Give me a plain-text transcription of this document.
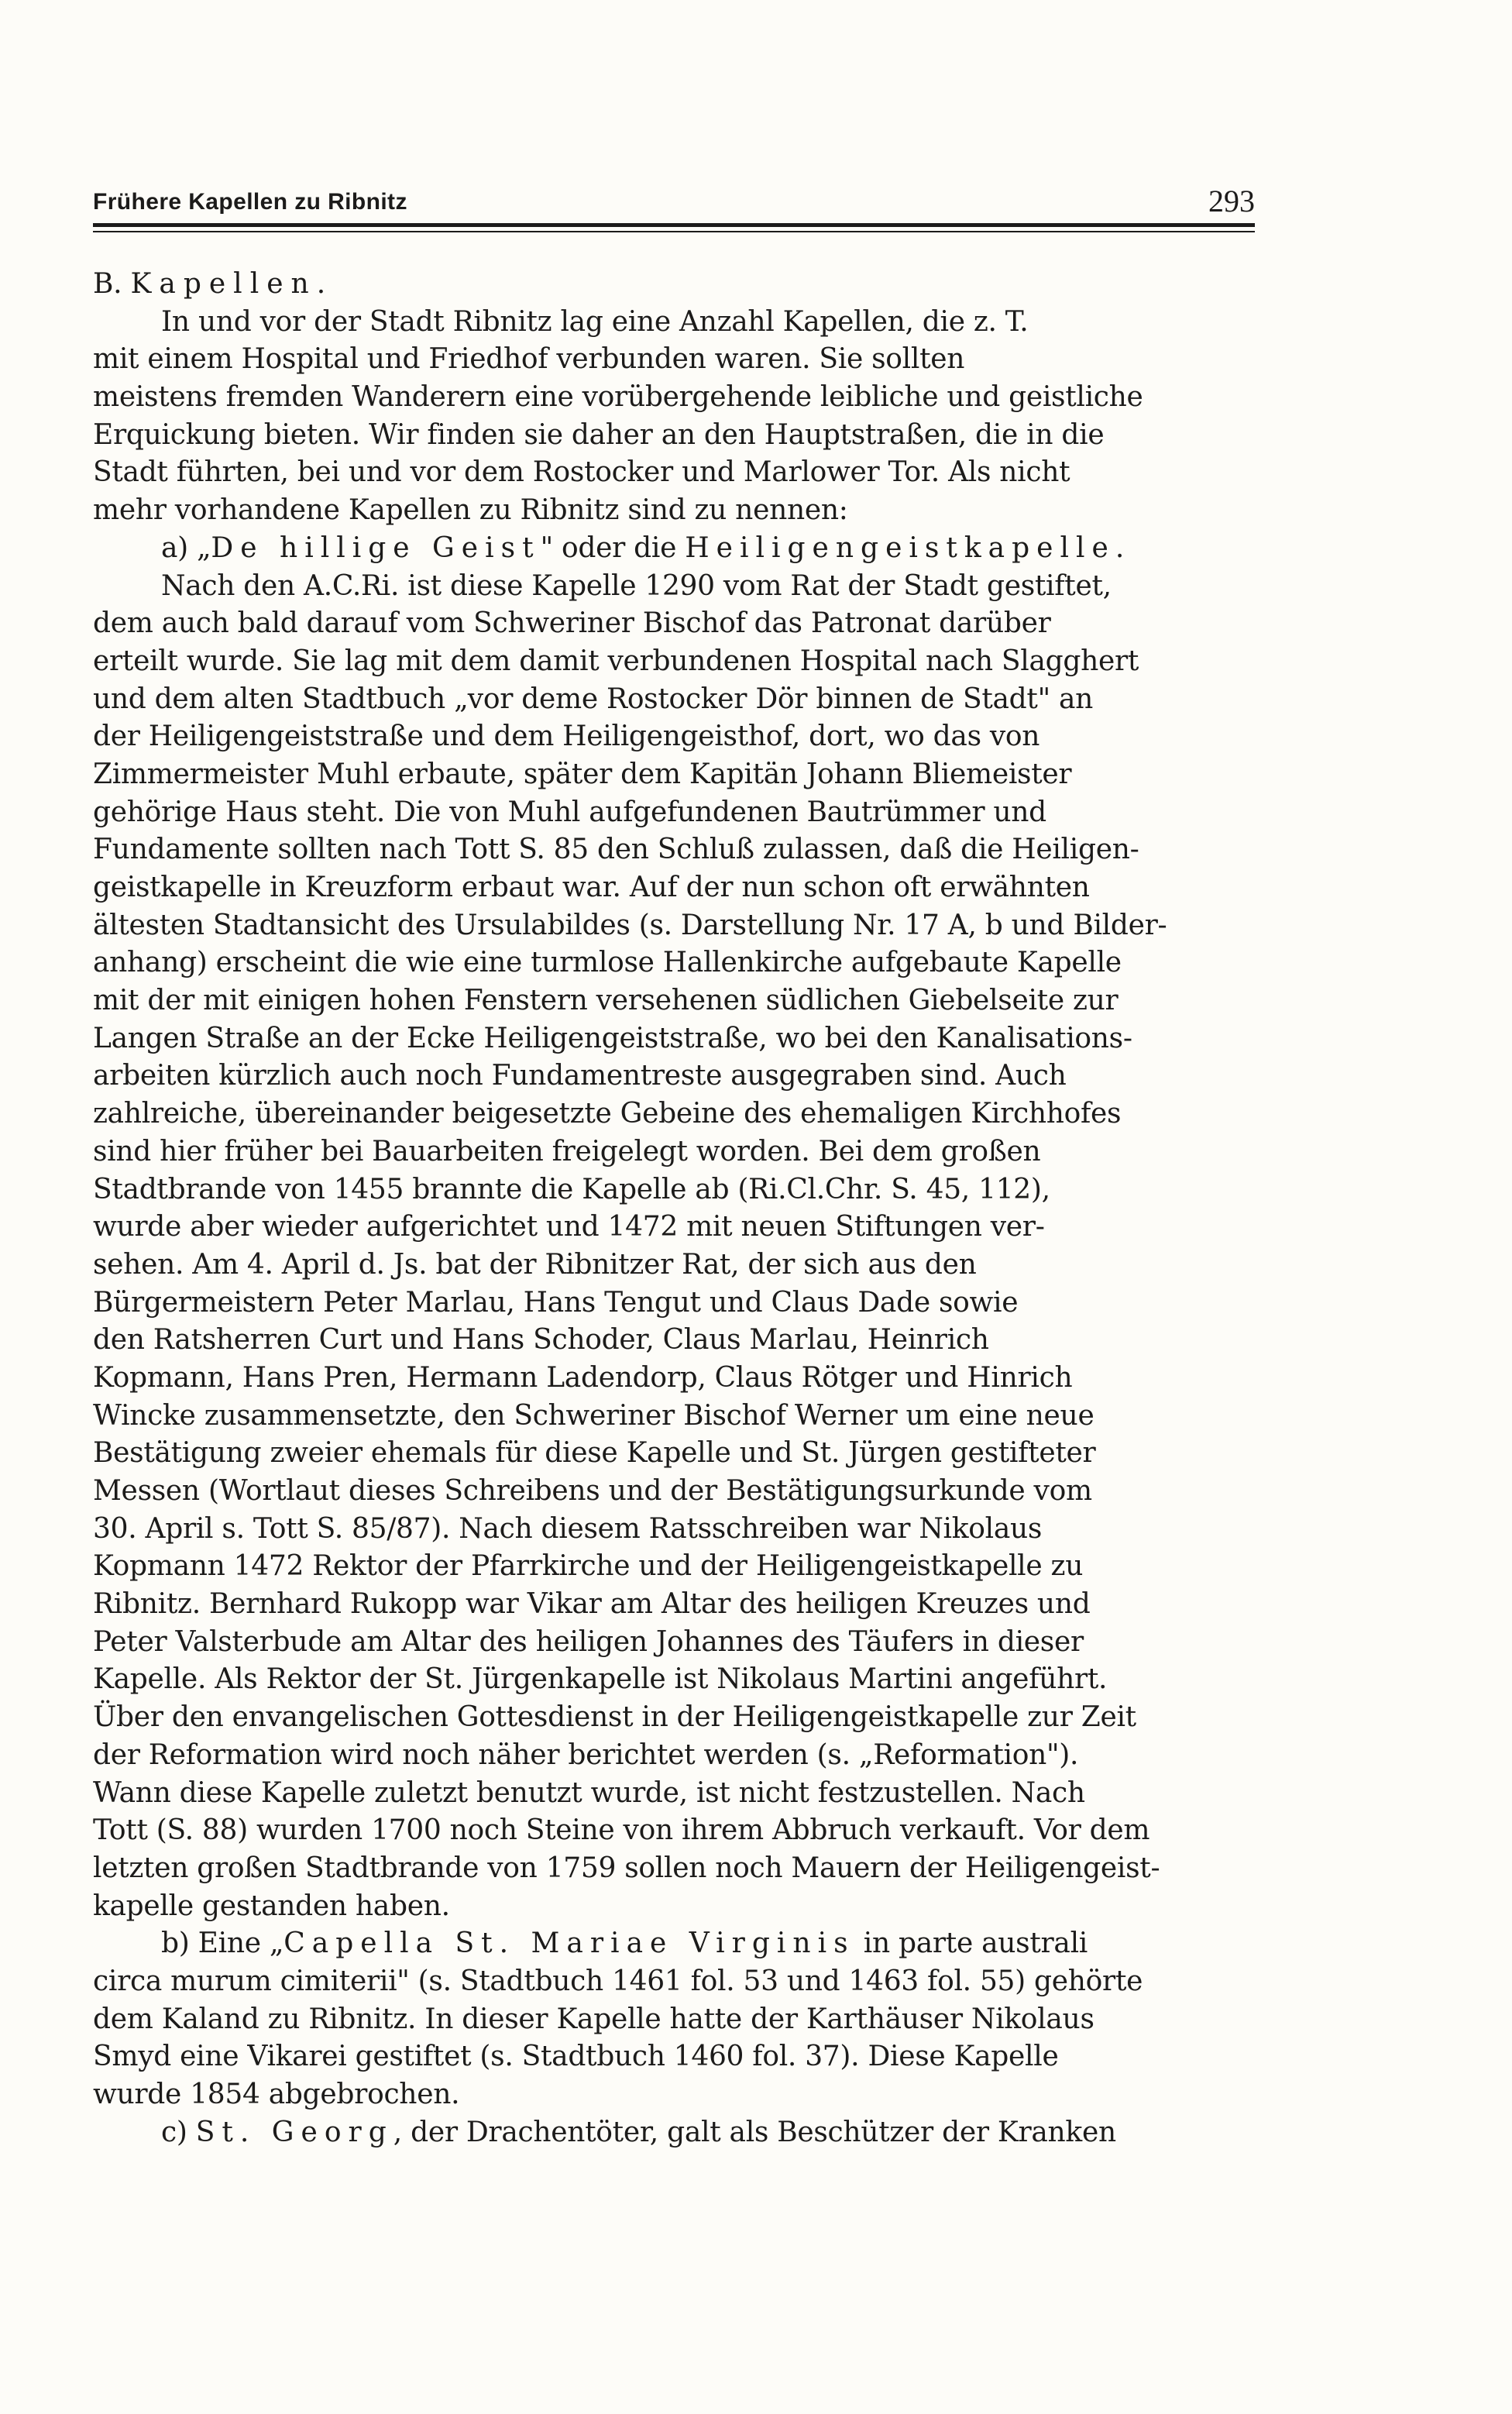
Frühere Kapellen zu Ribnitz	293
B. Kapellen.
In und vor der Stadt Ribnitz lag eine Anzahl Kapellen, die z. T.
mit einem Hospital und Friedhof verbunden waren. Sie sollten
meistens fremden Wanderern eine vorübergehende leibliche und geistliche
Erquickung bieten. Wir finden sie daher an den Hauptstraßen, die in die
Stadt führten, bei und vor dem Rostocker und Marlower Tor. Als nicht
mehr vorhandene Kapellen zu Ribnitz sind zu nennen:
a) „De hillige Geist" oder die Heiligengeistkapelle.
Nach den A.C.Ri. ist diese Kapelle 1290 vom Rat der Stadt gestiftet,
dem auch bald darauf vom Schweriner Bischof das Patronat darüber
erteilt wurde. Sie lag mit dem damit verbundenen Hospital nach Slagghert
und dem alten Stadtbuch „vor deme Rostocker Dör binnen de Stadt" an
der Heiligengeiststraße und dem Heiligengeisthof, dort, wo das von
Zimmermeister Muhl erbaute, später dem Kapitän Johann Bliemeister
gehörige Haus steht. Die von Muhl aufgefundenen Bautrümmer und
Fundamente sollten nach Tott S. 85 den Schluß zulassen, daß die Heiligen-
geistkapelle in Kreuzform erbaut war. Auf der nun schon oft erwähnten
ältesten Stadtansicht des Ursulabildes (s. Darstellung Nr. 17 A, b und Bilder-
anhang) erscheint die wie eine turmlose Hallenkirche aufgebaute Kapelle
mit der mit einigen hohen Fenstern versehenen südlichen Giebelseite zur
Langen Straße an der Ecke Heiligengeiststraße, wo bei den Kanalisations-
arbeiten kürzlich auch noch Fundamentreste ausgegraben sind. Auch
zahlreiche, übereinander beigesetzte Gebeine des ehemaligen Kirchhofes
sind hier früher bei Bauarbeiten freigelegt worden. Bei dem großen
Stadtbrande von 1455 brannte die Kapelle ab (Ri.Cl.Chr. S. 45, 112),
wurde aber wieder aufgerichtet und 1472 mit neuen Stiftungen ver-
sehen. Am 4. April d. Js. bat der Ribnitzer Rat, der sich aus den
Bürgermeistern Peter Marlau, Hans Tengut und Claus Dade sowie
den Ratsherren Curt und Hans Schoder, Claus Marlau, Heinrich
Kopmann, Hans Pren, Hermann Ladendorp, Claus Rötger und Hinrich
Wincke zusammensetzte, den Schweriner Bischof Werner um eine neue
Bestätigung zweier ehemals für diese Kapelle und St. Jürgen gestifteter
Messen (Wortlaut dieses Schreibens und der Bestätigungsurkunde vom
30. April s. Tott S. 85/87). Nach diesem Ratsschreiben war Nikolaus
Kopmann 1472 Rektor der Pfarrkirche und der Heiligengeistkapelle zu
Ribnitz. Bernhard Rukopp war Vikar am Altar des heiligen Kreuzes und
Peter Valsterbude am Altar des heiligen Johannes des Täufers in dieser
Kapelle. Als Rektor der St. Jürgenkapelle ist Nikolaus Martini angeführt.
Über den envangelischen Gottesdienst in der Heiligengeistkapelle zur Zeit
der Reformation wird noch näher berichtet werden (s. „Reformation").
Wann diese Kapelle zuletzt benutzt wurde, ist nicht festzustellen. Nach
Tott (S. 88) wurden 1700 noch Steine von ihrem Abbruch verkauft. Vor dem
letzten großen Stadtbrande von 1759 sollen noch Mauern der Heiligengeist-
kapelle gestanden haben.
b) Eine „Capella St. Mariae Virginis in parte australi
circa murum cimiterii" (s. Stadtbuch 1461 fol. 53 und 1463 fol. 55) gehörte
dem Kaland zu Ribnitz. In dieser Kapelle hatte der Karthäuser Nikolaus
Smyd eine Vikarei gestiftet (s. Stadtbuch 1460 fol. 37). Diese Kapelle
wurde 1854 abgebrochen.
c) St. Georg, der Drachentöter, galt als Beschützer der Kranken
